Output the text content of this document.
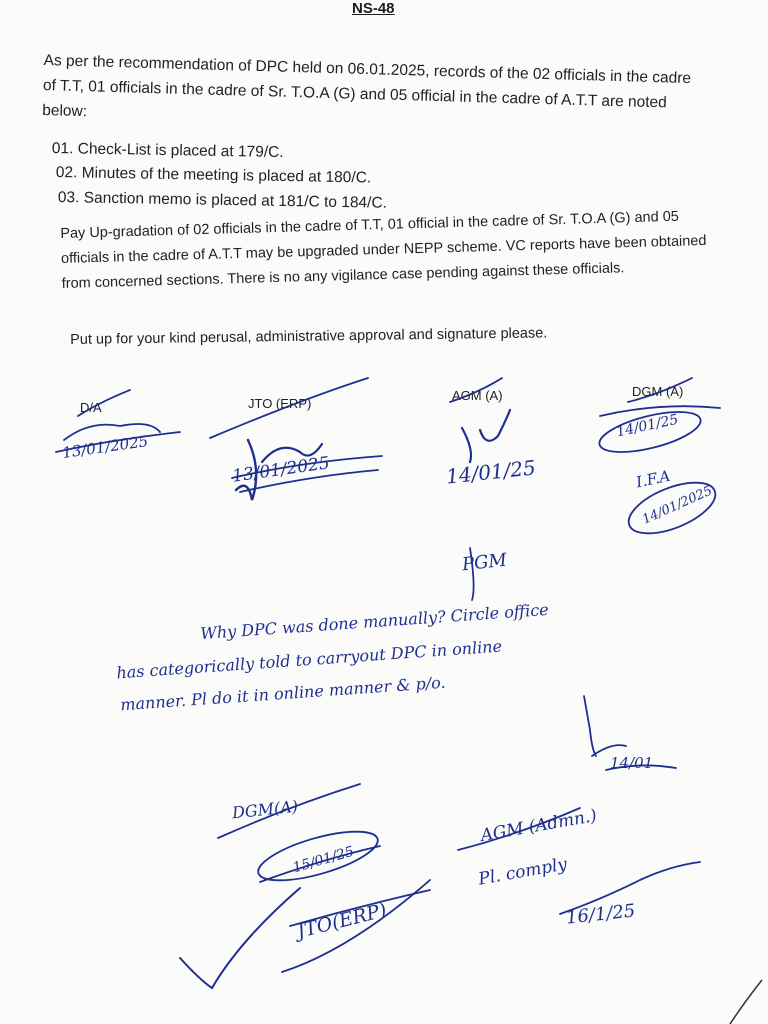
NS-48
As per the recommendation of DPC held on 06.01.2025, records of the 02 officials in the cadre of T.T, 01 officials in the cadre of Sr. T.O.A (G) and 05 official in the cadre of A.T.T are noted below:
01. Check-List is placed at 179/C.
02. Minutes of the meeting is placed at 180/C.
03. Sanction memo is placed at 181/C to 184/C.
Pay Up-gradation of 02 officials in the cadre of T.T, 01 official in the cadre of Sr. T.O.A (G) and 05 officials in the cadre of A.T.T may be upgraded under NEPP scheme. VC reports have been obtained from concerned sections. There is no any vigilance case pending against these officials.
Put up for your kind perusal, administrative approval and signature please.
D/A	JTO (ERP)
AGM (A)	DGM (A)
13/01/2025
13/01/2025	14/01/25
14/01/25
I.F.A
14/01/2025
PGM
Why DPC was done manually? Circle office
has categorically told to carryout DPC in online
manner. Pl do it in online manner & p/o.
14/01
DGM(A)
15/01/25
AGM (Admn.)
Pl. comply
16/1/25
JTO(ERP)
